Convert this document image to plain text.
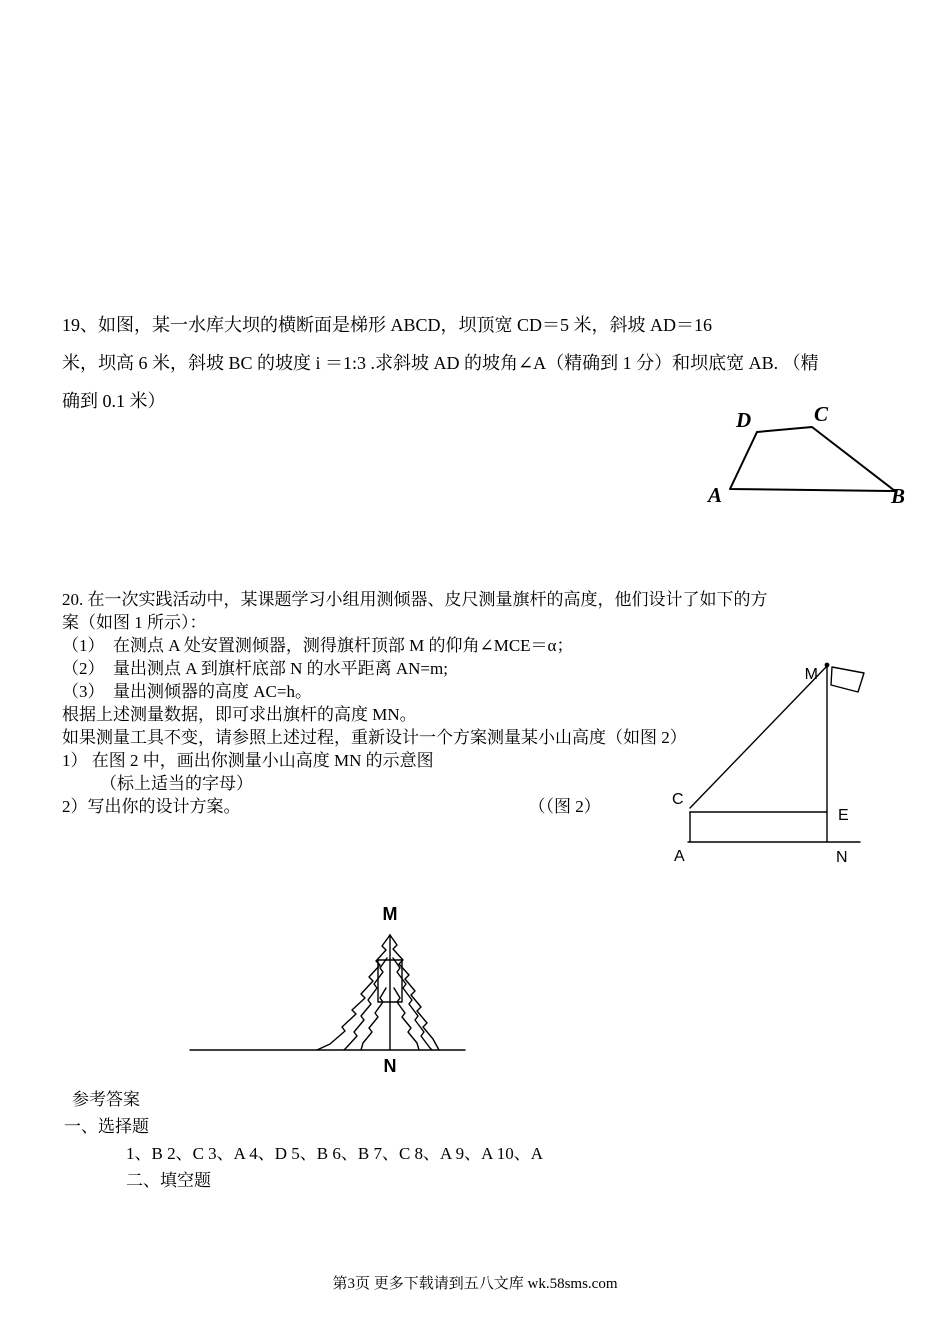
19、如图，某一水库大坝的横断面是梯形 ABCD，坝顶宽 CD＝5 米，斜坡 AD＝16
米，坝高 6 米，斜坡 BC 的坡度 i ＝1:3 .求斜坡 AD 的坡角∠A（精确到 1 分）和坝底宽 AB. （精
确到 0.1 米）
D	C
A	B
20. 在一次实践活动中，某课题学习小组用测倾器、皮尺测量旗杆的高度，他们设计了如下的方
案（如图 1 所示）：
（1）　在测点 A 处安置测倾器，测得旗杆顶部 M 的仰角∠MCE＝α；
（2）　量出测点 A 到旗杆底部 N 的水平距离 AN=m;
（3）　量出测倾器的高度 AC=h。
根据上述测量数据，即可求出旗杆的高度 MN。
如果测量工具不变，请参照上述过程，重新设计一个方案测量某小山高度（如图 2）
1） 在图 2 中，画出你测量小山高度 MN 的示意图
（标上适当的字母）
2）写出你的设计方案。	（（图 2）
M
C
E
A	N
M
N
参考答案
一、选择题
1、B 2、C 3、A 4、D 5、B 6、B 7、C 8、A 9、A 10、A
二、填空题
第3页 更多下载请到五八文库 wk.58sms.com
